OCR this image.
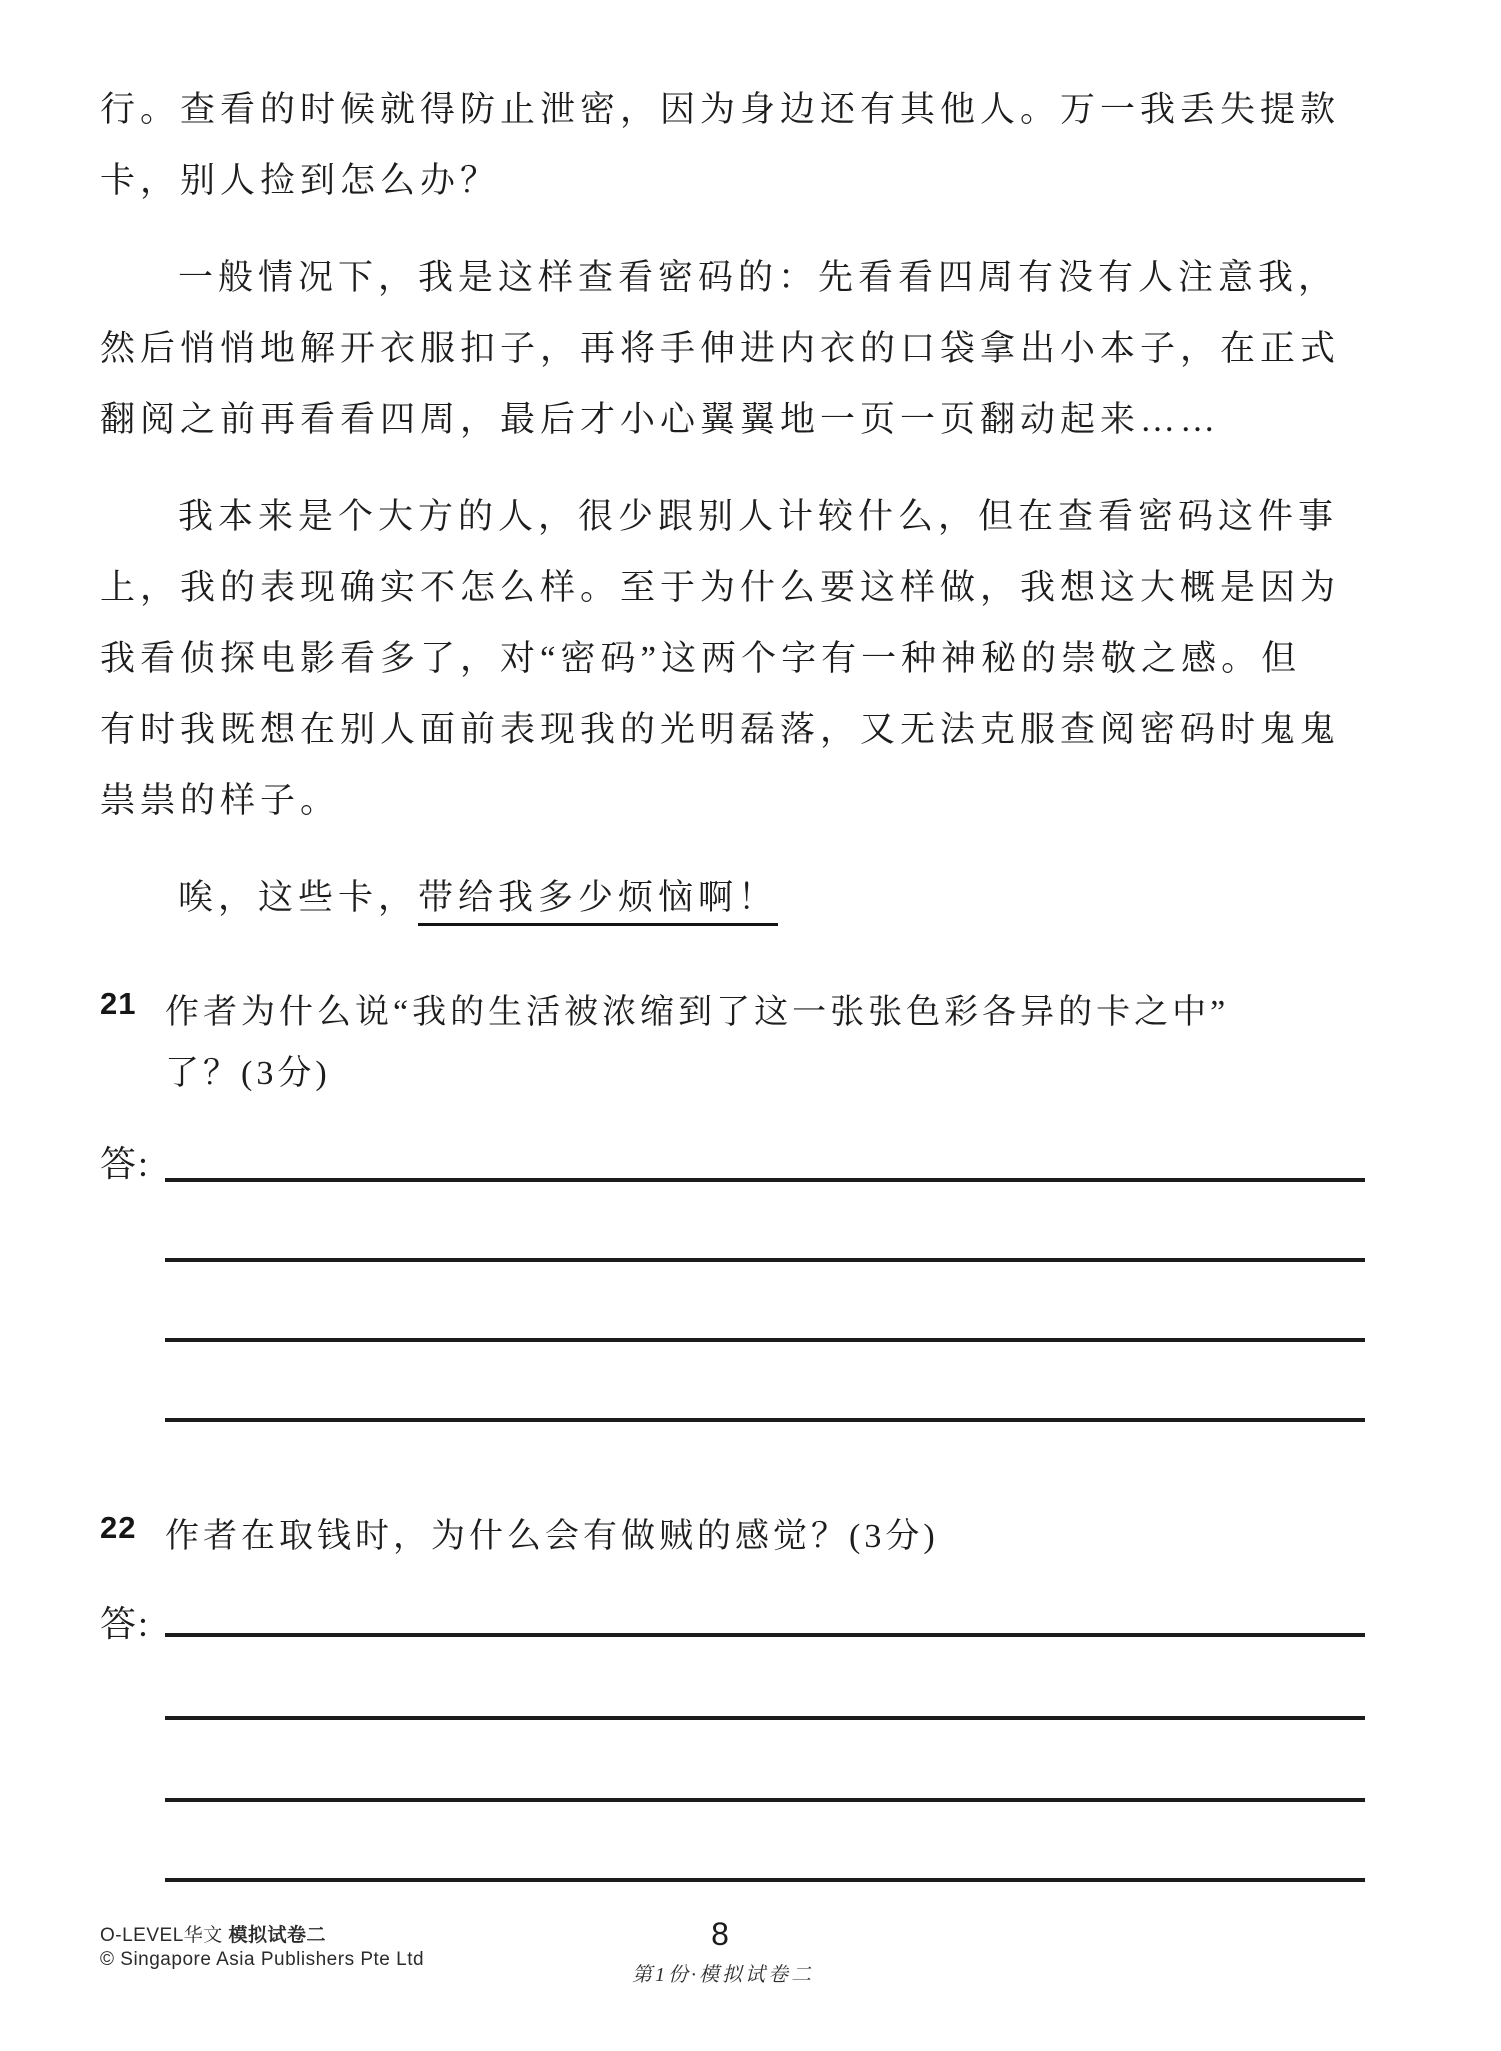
行。查看的时候就得防止泄密，因为身边还有其他人。万一我丢失提款
卡，别人捡到怎么办？
一般情况下，我是这样查看密码的：先看看四周有没有人注意我，
然后悄悄地解开衣服扣子，再将手伸进内衣的口袋拿出小本子，在正式
翻阅之前再看看四周，最后才小心翼翼地一页一页翻动起来……
我本来是个大方的人，很少跟别人计较什么，但在查看密码这件事
上，我的表现确实不怎么样。至于为什么要这样做，我想这大概是因为
我看侦探电影看多了，对“密码”这两个字有一种神秘的崇敬之感。但
有时我既想在别人面前表现我的光明磊落，又无法克服查阅密码时鬼鬼
祟祟的样子。
唉，这些卡，带给我多少烦恼啊！
21 作者为什么说“我的生活被浓缩到了这一张张色彩各异的卡之中”
了？(3分)
答:
22 作者在取钱时，为什么会有做贼的感觉？(3分)
答:
O-LEVEL华文 模拟试卷二
© Singapore Asia Publishers Pte Ltd
8
第1份·模拟试卷二
